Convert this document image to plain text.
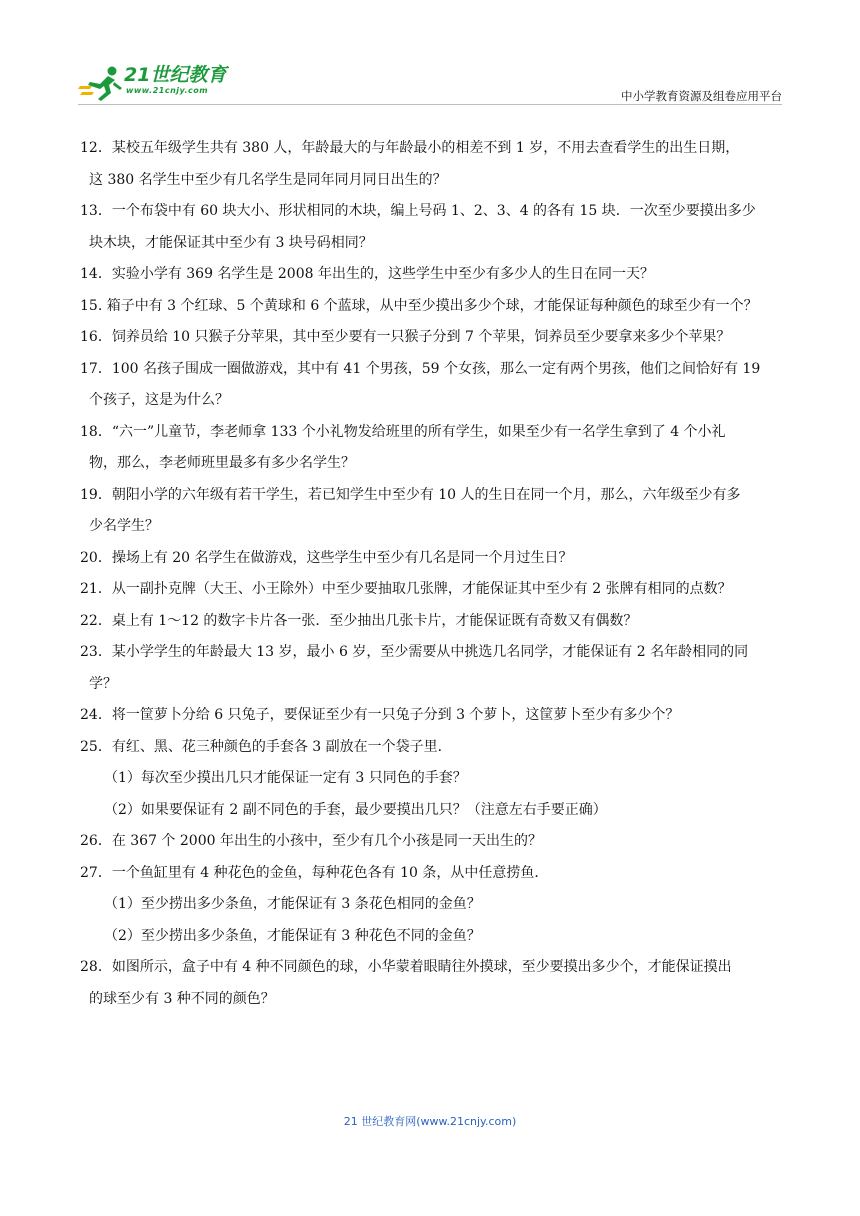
21世纪教育
www.21cnjy.com	中小学教育资源及组卷应用平台
12．某校五年级学生共有 380 人，年龄最大的与年龄最小的相差不到 1 岁，不用去查看学生的出生日期，
这 380 名学生中至少有几名学生是同年同月同日出生的？
13．一个布袋中有 60 块大小、形状相同的木块，编上号码 1、2、3、4 的各有 15 块．一次至少要摸出多少
块木块，才能保证其中至少有 3 块号码相同？
14．实验小学有 369 名学生是 2008 年出生的，这些学生中至少有多少人的生日在同一天？
15. 箱子中有 3 个红球、5 个黄球和 6 个蓝球，从中至少摸出多少个球，才能保证每种颜色的球至少有一个？
16．饲养员给 10 只猴子分苹果，其中至少要有一只猴子分到 7 个苹果，饲养员至少要拿来多少个苹果？
17．100 名孩子围成一圈做游戏，其中有 41 个男孩，59 个女孩，那么一定有两个男孩，他们之间恰好有 19
个孩子，这是为什么？
18．“六一”儿童节，李老师拿 133 个小礼物发给班里的所有学生，如果至少有一名学生拿到了 4 个小礼
物，那么，李老师班里最多有多少名学生？
19．朝阳小学的六年级有若干学生，若已知学生中至少有 10 人的生日在同一个月，那么，六年级至少有多
少名学生？
20．操场上有 20 名学生在做游戏，这些学生中至少有几名是同一个月过生日？
21．从一副扑克牌（大王、小王除外）中至少要抽取几张牌，才能保证其中至少有 2 张牌有相同的点数？
22．桌上有 1～12 的数字卡片各一张．至少抽出几张卡片，才能保证既有奇数又有偶数？
23．某小学学生的年龄最大 13 岁，最小 6 岁，至少需要从中挑选几名同学，才能保证有 2 名年龄相同的同
学？
24．将一筐萝卜分给 6 只兔子，要保证至少有一只兔子分到 3 个萝卜，这筐萝卜至少有多少个？
25．有红、黑、花三种颜色的手套各 3 副放在一个袋子里．
（1）每次至少摸出几只才能保证一定有 3 只同色的手套？
（2）如果要保证有 2 副不同色的手套，最少要摸出几只？（注意左右手要正确）
26．在 367 个 2000 年出生的小孩中，至少有几个小孩是同一天出生的？
27．一个鱼缸里有 4 种花色的金鱼，每种花色各有 10 条，从中任意捞鱼．
（1）至少捞出多少条鱼，才能保证有 3 条花色相同的金鱼？
（2）至少捞出多少条鱼，才能保证有 3 种花色不同的金鱼？
28．如图所示，盒子中有 4 种不同颜色的球，小华蒙着眼睛往外摸球，至少要摸出多少个，才能保证摸出
的球至少有 3 种不同的颜色？
21 世纪教育网(www.21cnjy.com)
